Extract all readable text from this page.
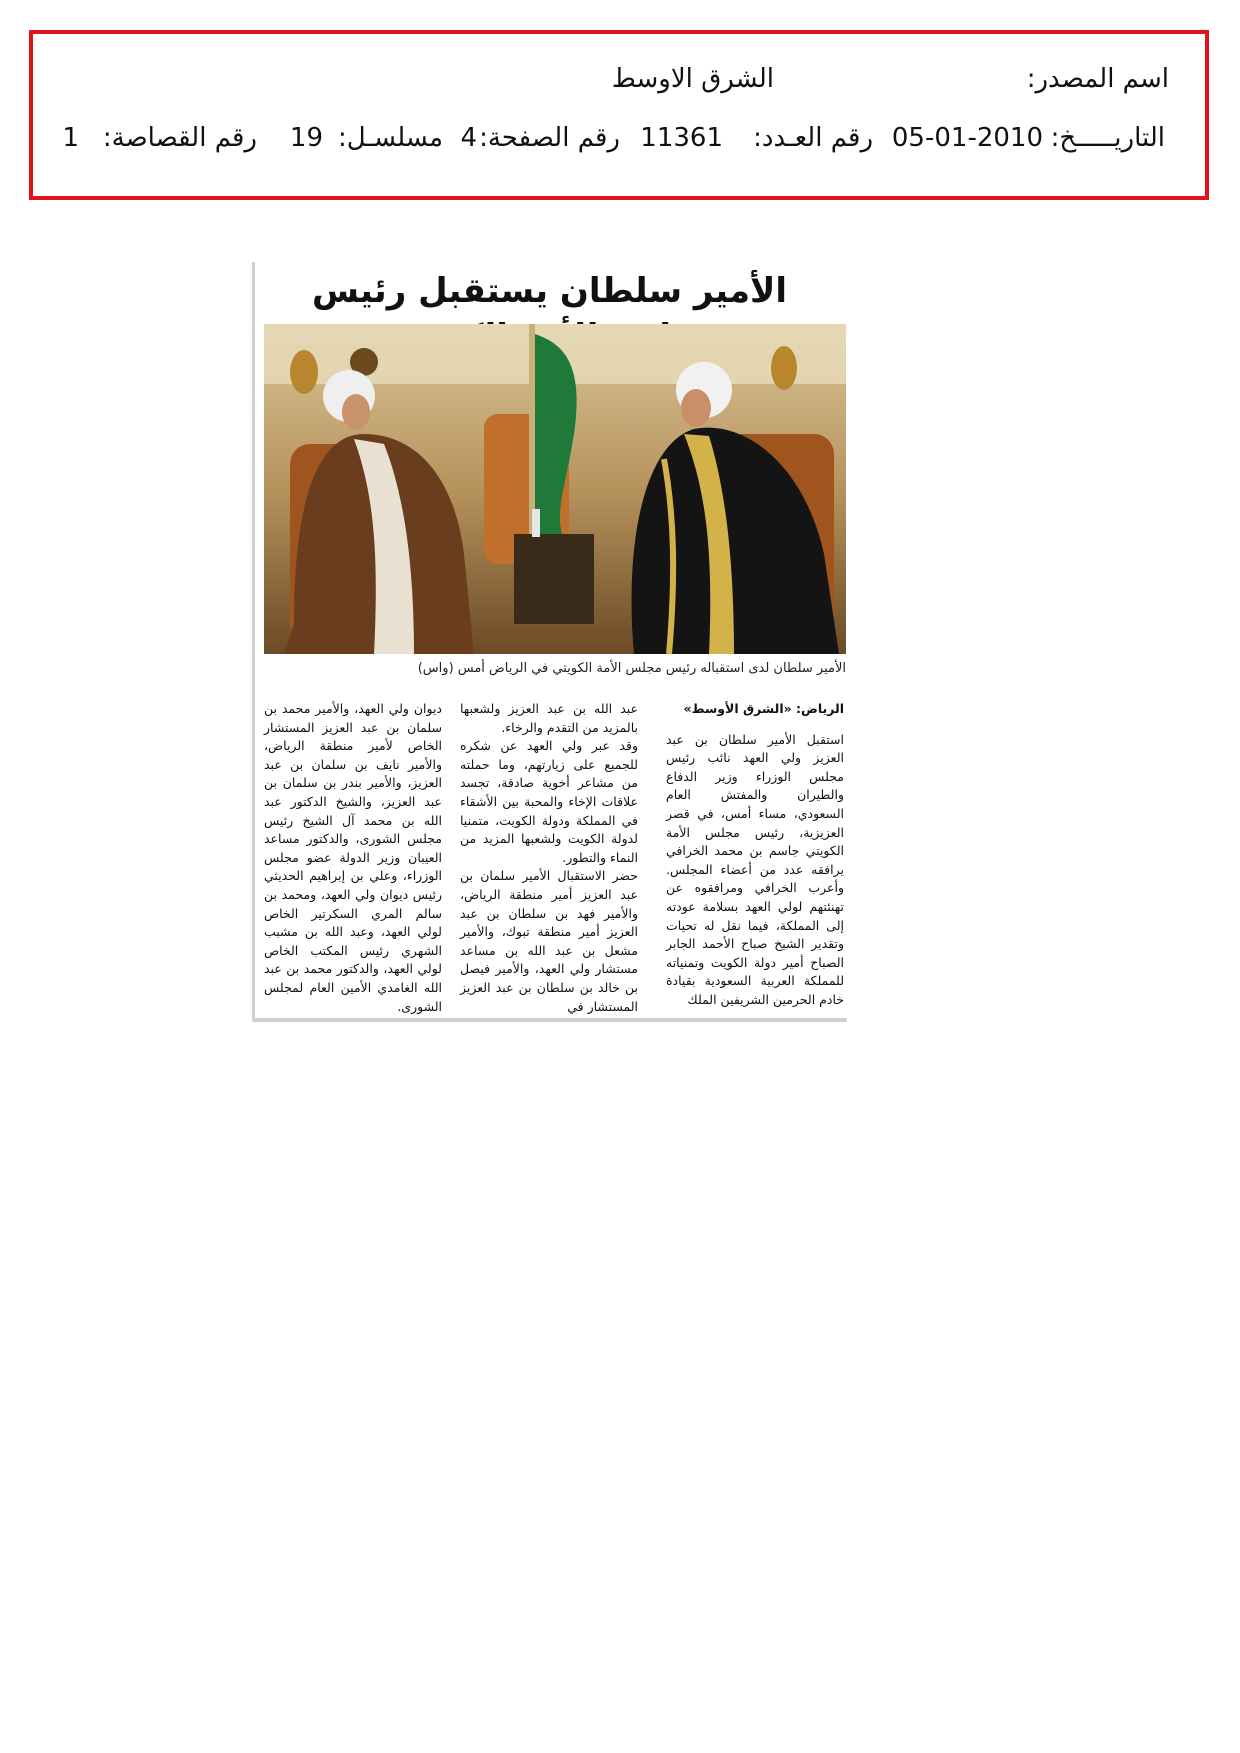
اسم المصدر:
الشرق الاوسط
التاريـــــخ:
05-01-2010
رقم العـدد:
11361
رقم الصفحة:
4
مسلسـل:
19
رقم القصاصة:
1
الأمير سلطان يستقبل رئيس
الأمير سلطان لدى استقباله رئيس مجلس الأمة الكويتي في الرياض أمس (واس)

الرياض: «الشرق الأوسط»

استقبل الأمير سلطان بن عبد العزيز ولي العهد نائب رئيس مجلس الوزراء وزير الدفاع والطيران والمفتش العام السعودي، مساء أمس، في قصر العزيزية، رئيس مجلس الأمة الكويتي جاسم بن محمد الخرافي يرافقه عدد من أعضاء المجلس. وأعرب الخرافي ومرافقوه عن تهنئتهم لولي العهد بسلامة عودته إلى المملكة، فيما نقل له تحيات وتقدير الشيخ صباح الأحمد الجابر الصباح أمير دولة الكويت وتمنياته للمملكة العربية السعودية بقيادة خادم الحرمين الشريفين الملك

عبد الله بن عبد العزيز ولشعبها بالمزيد من التقدم والرخاء.

وقد عبر ولي العهد عن شكره للجميع على زيارتهم، وما حملته من مشاعر أخوية صادقة، تجسد علاقات الإخاء والمحبة بين الأشقاء في المملكة ودولة الكويت، متمنيا لدولة الكويت ولشعبها المزيد من النماء والتطور.

حضر الاستقبال الأمير سلمان بن عبد العزيز أمير منطقة الرياض، والأمير فهد بن سلطان بن عبد العزيز أمير منطقة تبوك، والأمير مشعل بن عبد الله بن مساعد مستشار ولي العهد، والأمير فيصل بن خالد بن سلطان بن عبد العزيز المستشار في

ديوان ولي العهد، والأمير محمد بن سلمان بن عبد العزيز المستشار الخاص لأمير منطقة الرياض، والأمير نايف بن سلمان بن عبد العزيز، والأمير بندر بن سلمان بن عبد العزيز، والشيخ الدكتور عبد الله بن محمد آل الشيخ رئيس مجلس الشورى، والدكتور مساعد العيبان وزير الدولة عضو مجلس الوزراء، وعلي بن إبراهيم الحديثي رئيس ديوان ولي العهد، ومحمد بن سالم المري السكرتير الخاص لولي العهد، وعبد الله بن مشبب الشهري رئيس المكتب الخاص لولي العهد، والدكتور محمد بن عبد الله الغامدي الأمين العام لمجلس الشورى.
